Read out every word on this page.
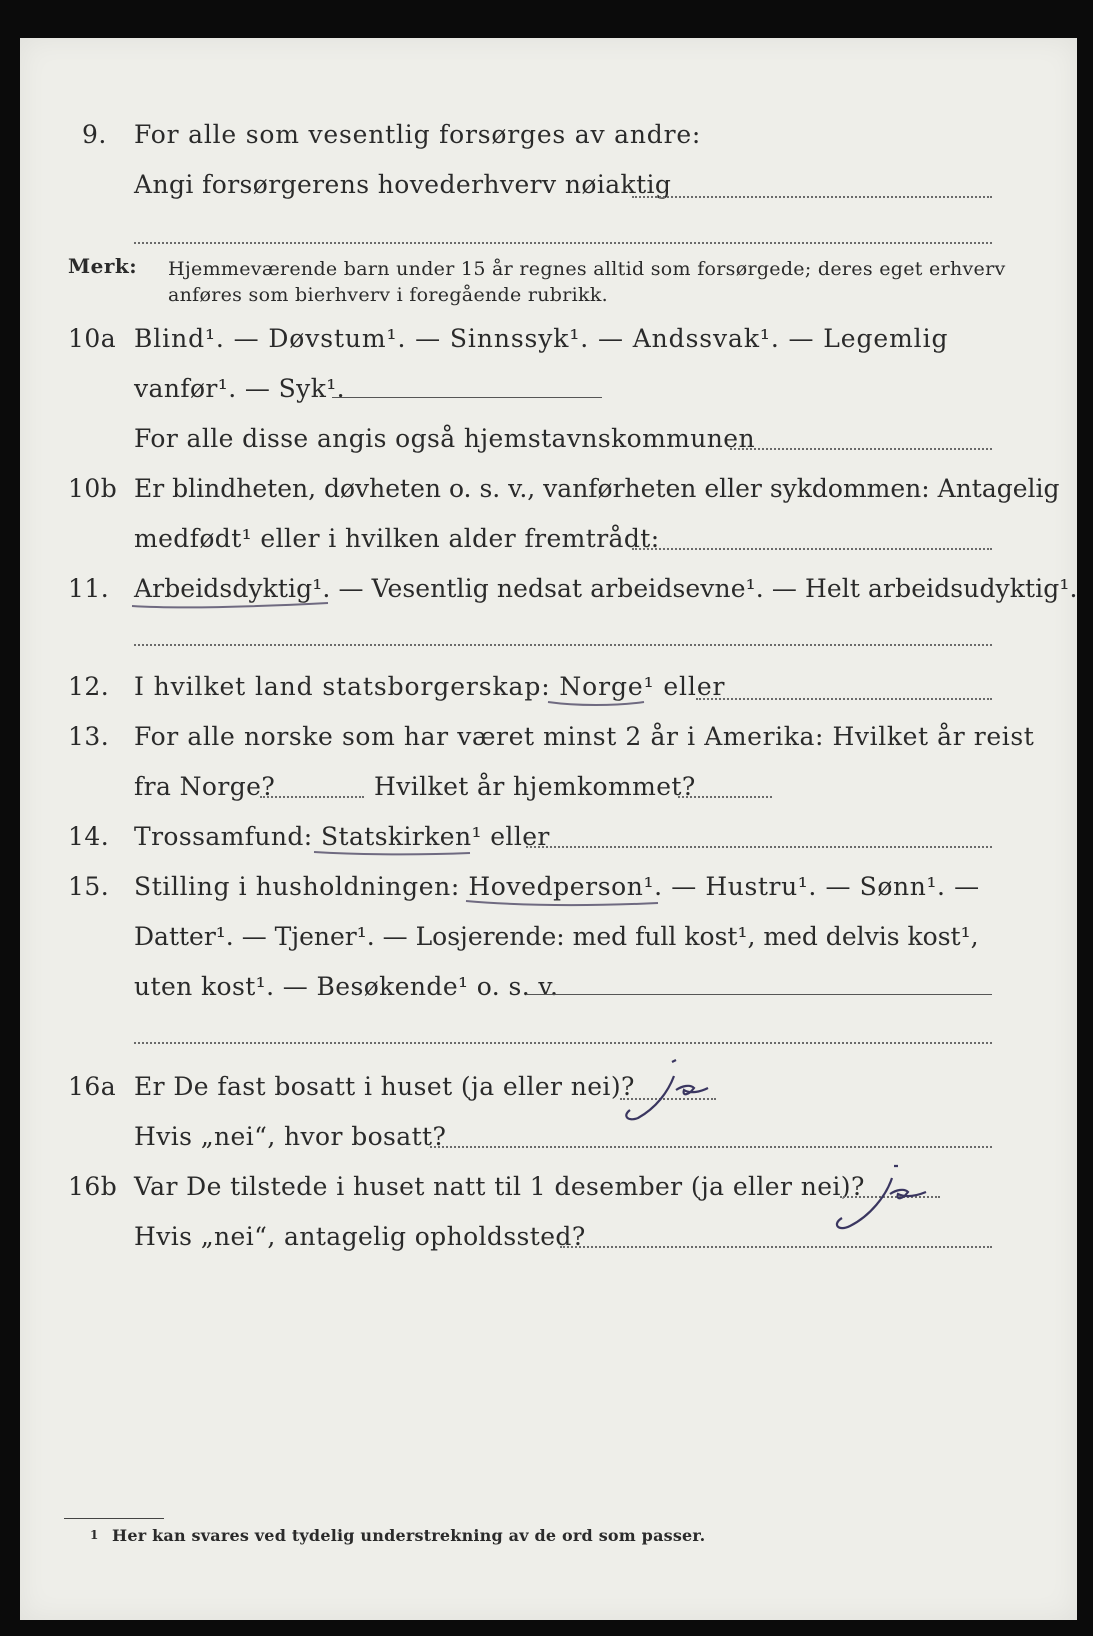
9. For alle som vesentlig forsørges av andre:
Angi forsørgerens hovederhverv nøiaktig
Merk: Hjemmeværende barn under 15 år regnes alltid som forsørgede; deres eget erhverv
anføres som bierhverv i foregående rubrikk.
10a Blind¹. — Døvstum¹. — Sinnssyk¹. — Andssvak¹. — Legemlig
vanfør¹. — Syk¹.
For alle disse angis også hjemstavnskommunen
10b Er blindheten, døvheten o. s. v., vanførheten eller sykdommen: Antagelig
medfødt¹ eller i hvilken alder fremtrådt:
11. Arbeidsdyktig¹. — Vesentlig nedsat arbeidsevne¹. — Helt arbeidsudyktig¹.
12. I hvilket land statsborgerskap: Norge¹ eller
13. For alle norske som har været minst 2 år i Amerika: Hvilket år reist
fra Norge?	Hvilket år hjemkommet?
14. Trossamfund: Statskirken¹ eller
15. Stilling i husholdningen: Hovedperson¹. — Hustru¹. — Sønn¹. —
Datter¹. — Tjener¹. — Losjerende: med full kost¹, med delvis kost¹,
uten kost¹. — Besøkende¹ o. s. v.
16a Er De fast bosatt i huset (ja eller nei)?
Hvis „nei“, hvor bosatt?
16b Var De tilstede i huset natt til 1 desember (ja eller nei)?
Hvis „nei“, antagelig opholdssted?
1 Her kan svares ved tydelig understrekning av de ord som passer.
